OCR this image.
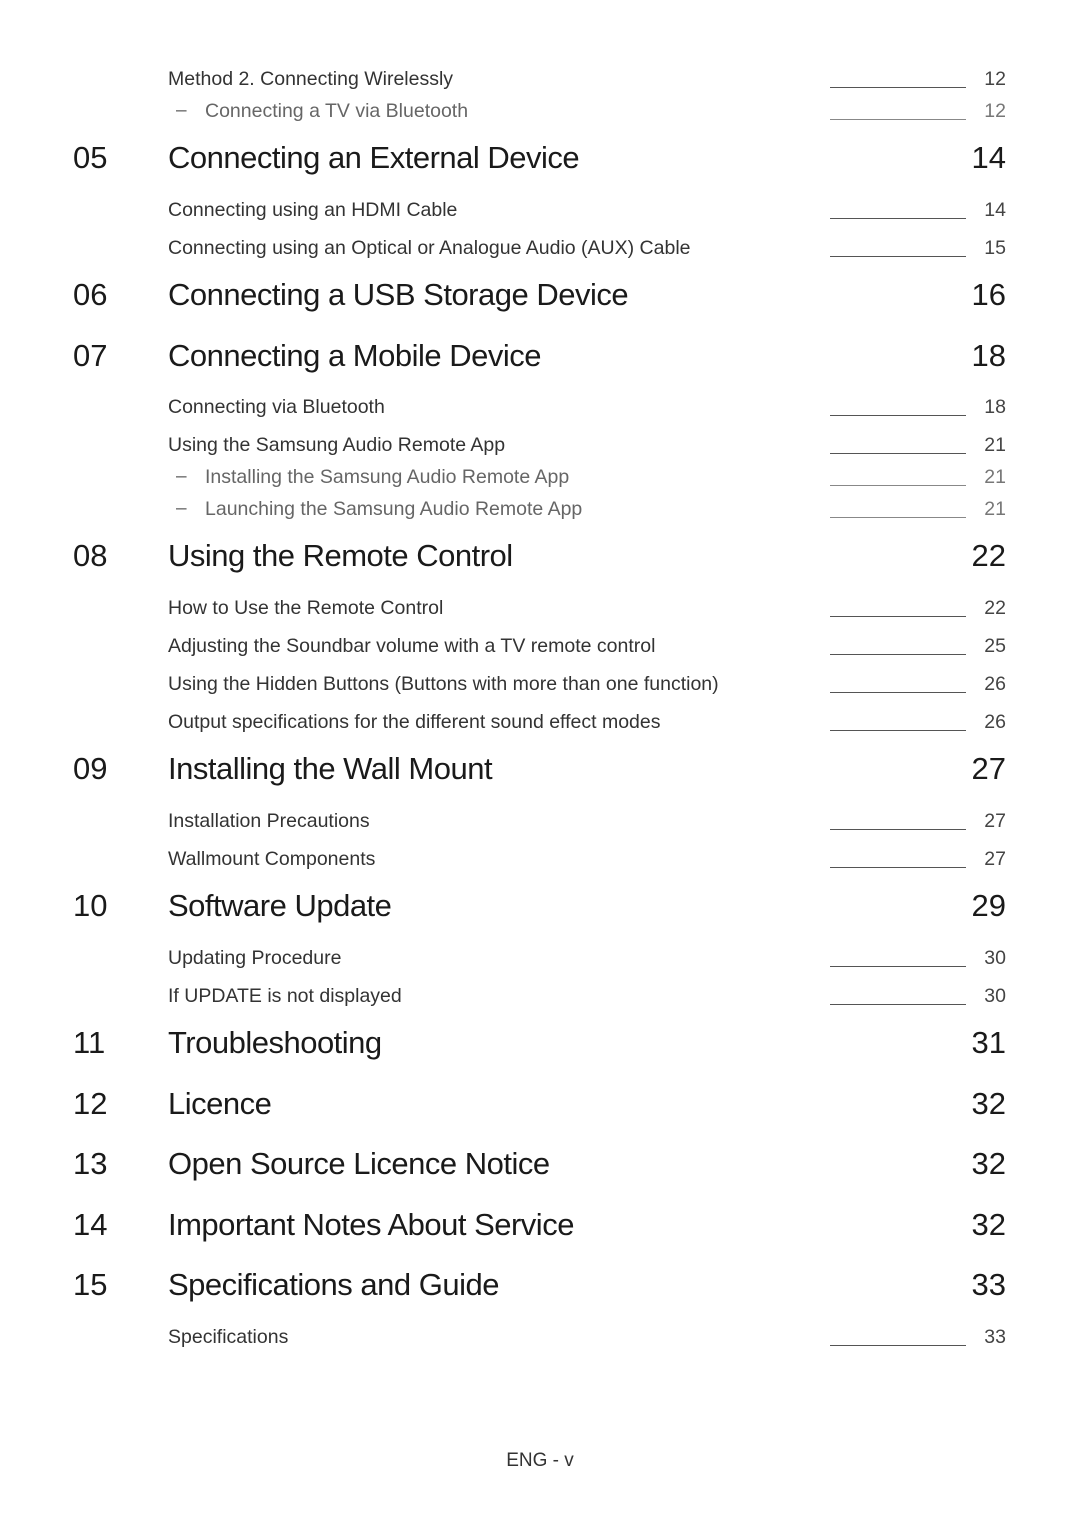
Method 2. Connecting Wirelessly	12
– Connecting a TV via Bluetooth	12
05 Connecting an External Device	14
Connecting using an HDMI Cable	14
Connecting using an Optical or Analogue Audio (AUX) Cable	15
06 Connecting a USB Storage Device	16
07 Connecting a Mobile Device	18
Connecting via Bluetooth	18
Using the Samsung Audio Remote App	21
– Installing the Samsung Audio Remote App	21
– Launching the Samsung Audio Remote App	21
08 Using the Remote Control	22
How to Use the Remote Control	22
Adjusting the Soundbar volume with a TV remote control	25
Using the Hidden Buttons (Buttons with more than one function)	26
Output specifications for the different sound effect modes	26
09 Installing the Wall Mount	27
Installation Precautions	27
Wallmount Components	27
10 Software Update	29
Updating Procedure	30
If UPDATE is not displayed	30
11 Troubleshooting	31
12 Licence	32
13 Open Source Licence Notice	32
14 Important Notes About Service	32
15 Specifications and Guide	33
Specifications	33
ENG - v
